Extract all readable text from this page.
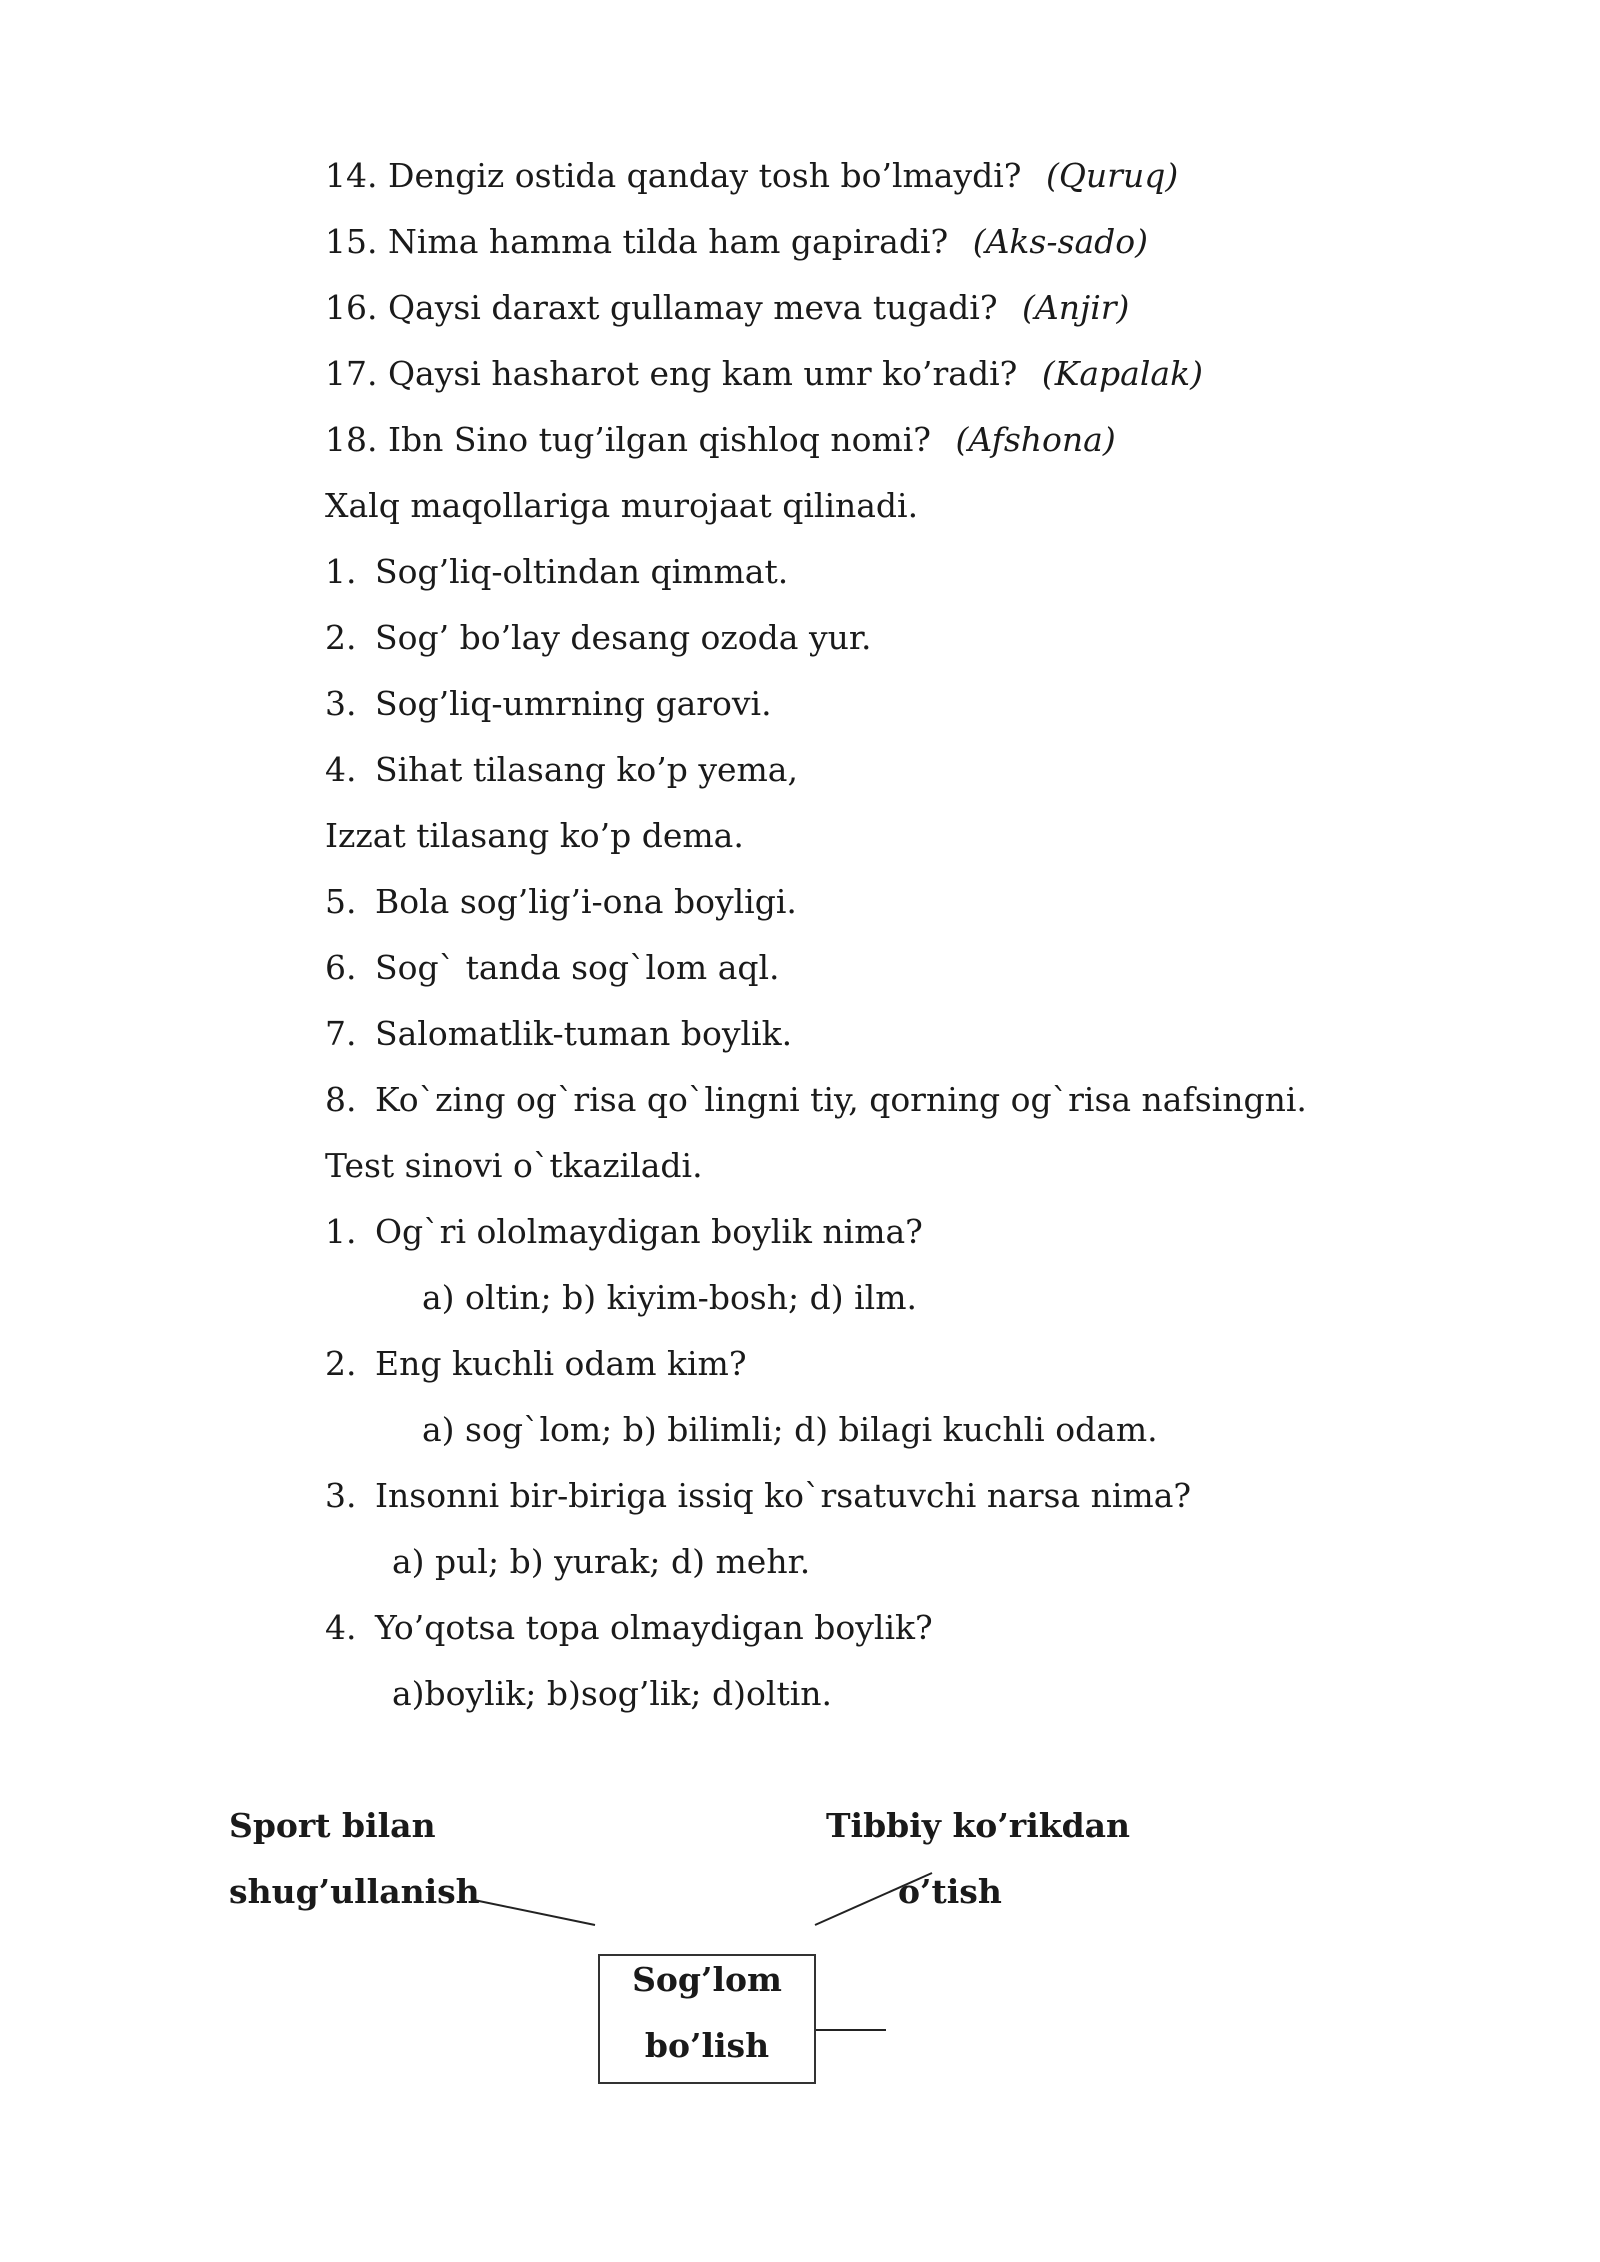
14. Dengiz ostida qanday tosh bo’lmaydi? (Quruq)
15. Nima hamma tilda ham gapiradi? (Aks-sado)
16. Qaysi daraxt gullamay meva tugadi? (Anjir)
17. Qaysi hasharot eng kam umr ko’radi? (Kapalak)
18. Ibn Sino tug’ilgan qishloq nomi? (Afshona)
Xalq maqollariga murojaat qilinadi.
1. Sog’liq-oltindan qimmat.
2. Sog’ bo’lay desang ozoda yur.
3. Sog’liq-umrning garovi.
4. Sihat tilasang ko’p yema,
Izzat tilasang ko’p dema.
5. Bola sog’lig’i-ona boyligi.
6. Sog` tanda sog`lom aql.
7. Salomatlik-tuman boylik.
8. Ko`zing og`risa qo`lingni tiy, qorning og`risa nafsingni.
Test sinovi o`tkaziladi.
1. Og`ri ololmaydigan boylik nima?
a) oltin; b) kiyim-bosh; d) ilm.
2. Eng kuchli odam kim?
a) sog`lom; b) bilimli; d) bilagi kuchli odam.
3. Insonni bir-biriga issiq ko`rsatuvchi narsa nima?
a) pul; b) yurak; d) mehr.
4. Yo’qotsa topa olmaydigan boylik?
a)boylik; b)sog’lik; d)oltin.
Sport bilan
shug’ullanish
Tibbiy ko’rikdan
o’tish
Sog’lom
bo’lish
